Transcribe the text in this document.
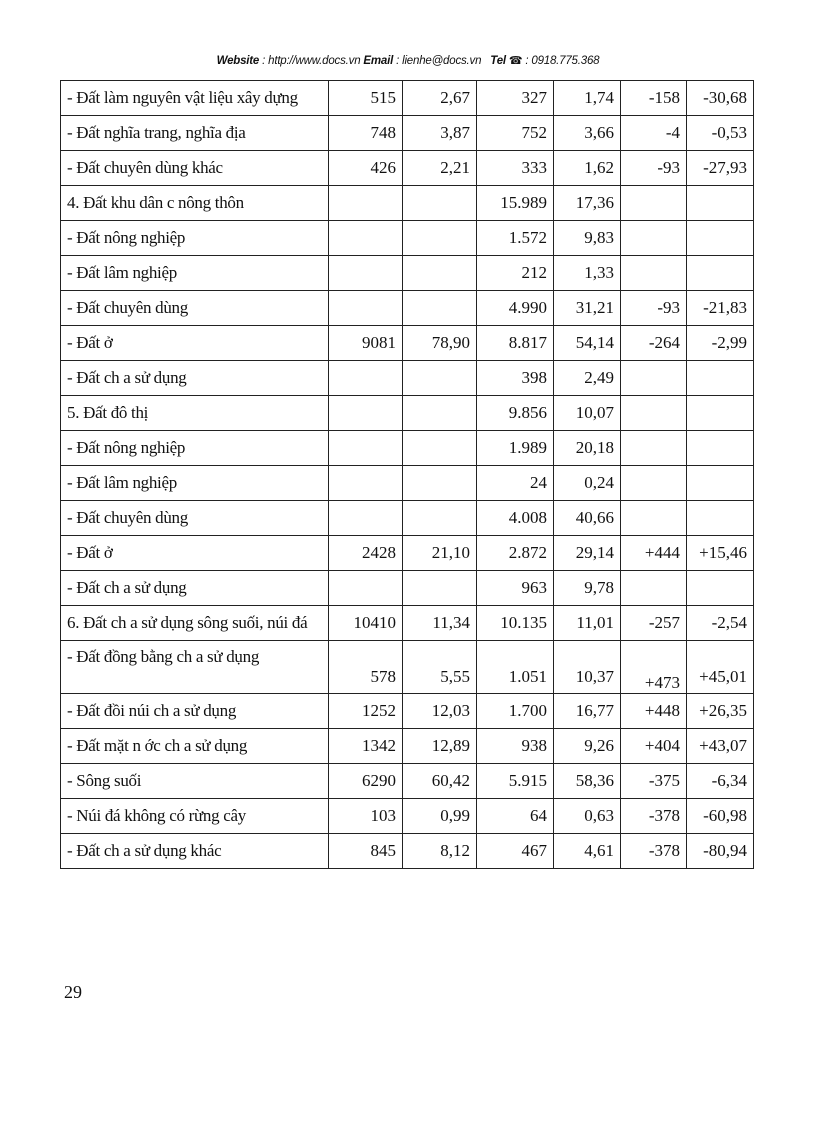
Website : http://www.docs.vn Email : lienhe@docs.vn Tel ☎ : 0918.775.368
- Đất làm nguyên vật liệu xây dựng	515	2,67	327	1,74	-158	-30,68
- Đất nghĩa trang, nghĩa địa	748	3,87	752	3,66	-4	-0,53
- Đất chuyên dùng khác	426	2,21	333	1,62	-93	-27,93
4. Đất khu dân c nông thôn			15.989	17,36		
- Đất nông nghiệp			1.572	9,83		
- Đất lâm nghiệp			212	1,33		
- Đất chuyên dùng			4.990	31,21	-93	-21,83
- Đất ở	9081	78,90	8.817	54,14	-264	-2,99
- Đất ch a sử dụng			398	2,49		
5. Đất đô thị			9.856	10,07		
- Đất nông nghiệp			1.989	20,18		
- Đất lâm nghiệp			24	0,24		
- Đất chuyên dùng			4.008	40,66		
- Đất ở	2428	21,10	2.872	29,14	+444	+15,46
- Đất ch a sử dụng			963	9,78		
6. Đất ch a sử dụng sông suối, núi đá	10410	11,34	10.135	11,01	-257	-2,54
- Đất đồng bằng ch a sử dụng	578	5,55	1.051	10,37	+473	+45,01
- Đất đồi núi ch a sử dụng	1252	12,03	1.700	16,77	+448	+26,35
- Đất mặt n ớc ch a sử dụng	1342	12,89	938	9,26	+404	+43,07
- Sông suối	6290	60,42	5.915	58,36	-375	-6,34
- Núi đá không có rừng cây	103	0,99	64	0,63	-378	-60,98
- Đất ch a sử dụng khác	845	8,12	467	4,61	-378	-80,94
29
